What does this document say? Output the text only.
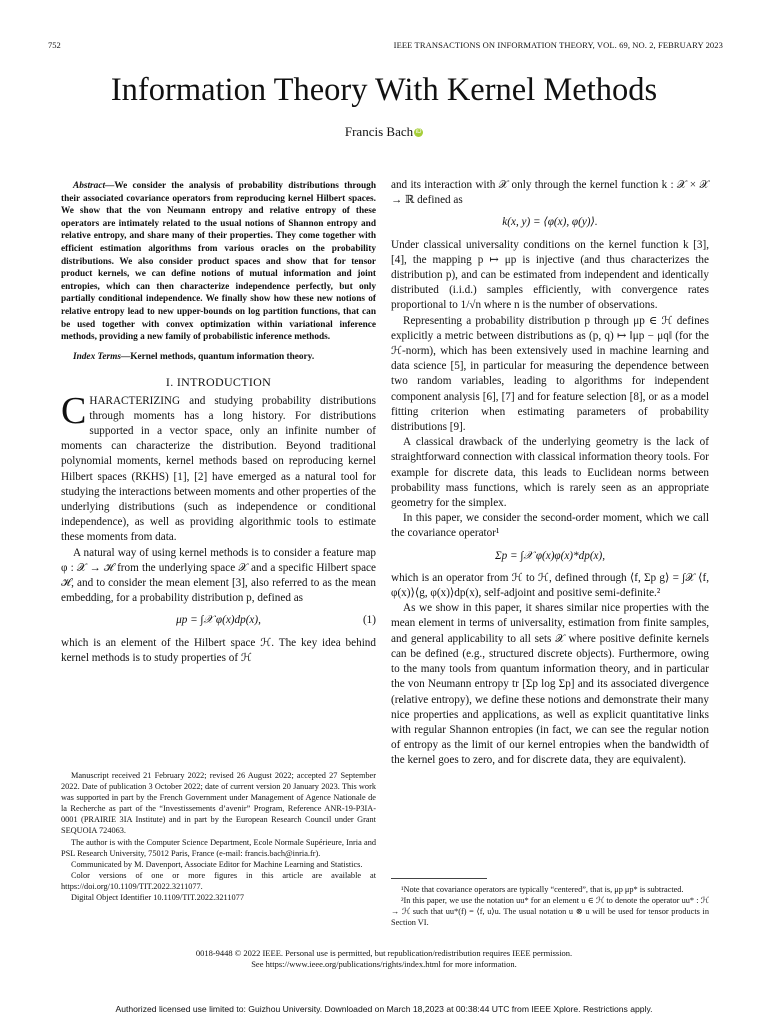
752	IEEE TRANSACTIONS ON INFORMATION THEORY, VOL. 69, NO. 2, FEBRUARY 2023
Information Theory With Kernel Methods
Francis Bach iD

Abstract—We consider the analysis of probability distributions through their associated covariance operators from reproducing kernel Hilbert spaces. We show that the von Neumann entropy and relative entropy of these operators are intimately related to the usual notions of Shannon entropy and relative entropy, and share many of their properties. They come together with efficient estimation algorithms from various oracles on the probability distributions. We also consider product spaces and show that for tensor product kernels, we can define notions of mutual information and joint entropies, which can then characterize independence perfectly, but only partially conditional independence. We finally show how these new notions of relative entropy lead to new upper-bounds on log partition functions, that can be used together with convex optimization within variational inference methods, providing a new family of probabilistic inference methods.

Index Terms—Kernel methods, quantum information theory.

I. INTRODUCTION

CHARACTERIZING and studying probability distributions through moments has a long history. For distributions supported in a vector space, only an infinite number of moments can characterize the distribution. Beyond traditional polynomial moments, kernel methods based on reproducing kernel Hilbert spaces (RKHS) [1], [2] have emerged as a natural tool for studying the interactions between moments and other properties of the underlying distributions (such as independence or conditional independence), as well as providing algorithmic tools to estimate these moments from data.

A natural way of using kernel methods is to consider a feature map φ : 𝒳 → ℋ from the underlying space 𝒳 and a specific Hilbert space ℋ, and to consider the mean element [3], also referred to as the mean embedding, for a probability distribution p, defined as

μp = ∫𝒳 φ(x)dp(x),	(1)

which is an element of the Hilbert space ℋ. The key idea behind kernel methods is to study properties of ℋ

Manuscript received 21 February 2022; revised 26 August 2022; accepted 27 September 2022. Date of publication 3 October 2022; date of current version 20 January 2023. This work was supported in part by the French Government under Management of Agence Nationale de la Recherche as part of the “Investissements d’avenir” Program, Reference ANR-19-P3IA-0001 (PRAIRIE 3IA Institute) and in part by the European Research Council under Grant SEQUOIA 724063.

The author is with the Computer Science Department, Ecole Normale Supérieure, Inria and PSL Research University, 75012 Paris, France (e-mail: francis.bach@inria.fr).

Communicated by M. Davenport, Associate Editor for Machine Learning and Statistics.

Color versions of one or more figures in this article are available at https://doi.org/10.1109/TIT.2022.3211077.

Digital Object Identifier 10.1109/TIT.2022.3211077

and its interaction with 𝒳 only through the kernel function k : 𝒳 × 𝒳 → ℝ defined as

k(x, y) = ⟨φ(x), φ(y)⟩.

Under classical universality conditions on the kernel function k [3], [4], the mapping p ↦ μp is injective (and thus characterizes the distribution p), and can be estimated from independent and identically distributed (i.i.d.) samples efficiently, with convergence rates proportional to 1/√n where n is the number of observations.

Representing a probability distribution p through μp ∈ ℋ defines explicitly a metric between distributions as (p, q) ↦ ‖μp − μq‖ (for the ℋ-norm), which has been extensively used in machine learning and data science [5], in particular for measuring the dependence between two random variables, leading to algorithms for independent component analysis [6], [7] and for feature selection [8], or as a model fitting criterion when estimating parameters of probability distributions [9].

A classical drawback of the underlying geometry is the lack of straightforward connection with classical information theory tools. For example for discrete data, this leads to Euclidean norms between probability mass functions, which is rarely seen as an appropriate geometry for the simplex.

In this paper, we consider the second-order moment, which we call the covariance operator¹

Σp = ∫𝒳 φ(x)φ(x)*dp(x),

which is an operator from ℋ to ℋ, defined through ⟨f, Σp g⟩ = ∫𝒳 ⟨f, φ(x)⟩⟨g, φ(x)⟩dp(x), self-adjoint and positive semi-definite.²

As we show in this paper, it shares similar nice properties with the mean element in terms of universality, estimation from finite samples, and general applicability to all sets 𝒳 where positive definite kernels can be defined (e.g., structured discrete objects). Furthermore, owing to the many tools from quantum information theory, and in particular the von Neumann entropy tr [Σp log Σp] and its associated divergence (relative entropy), we define these notions and demonstrate their many nice properties and applications, as well as explicit quantitative links with regular Shannon entropies (in fact, we can see the regular notion of entropy as the limit of our kernel entropies when the bandwidth of the kernel goes to zero, and for discrete data, they are equivalent).

¹Note that covariance operators are typically “centered”, that is, μp μp* is subtracted.

²In this paper, we use the notation uu* for an element u ∈ ℋ to denote the operator uu* : ℋ → ℋ such that uu*(f) = ⟨f, u⟩u. The usual notation u ⊗ u will be used for tensor products in Section VI.

0018-9448 © 2022 IEEE. Personal use is permitted, but republication/redistribution requires IEEE permission.
See https://www.ieee.org/publications/rights/index.html for more information.
Authorized licensed use limited to: Guizhou University. Downloaded on March 18,2023 at 00:38:44 UTC from IEEE Xplore. Restrictions apply.
